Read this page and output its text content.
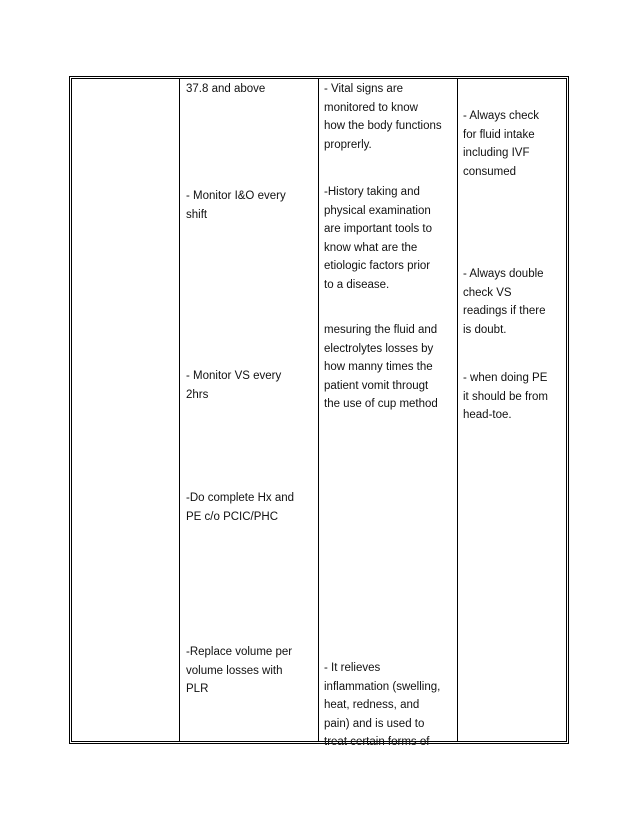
37.8 and above

- Monitor I&O every
shift

- Monitor VS every
2hrs

-Do complete Hx and
PE c/o PCIC/PHC

-Replace volume per
volume losses with
PLR

- Vital signs are
monitored to know
how the body functions
proprerly.

-History taking and
physical examination
are important tools to
know what are the
etiologic factors prior
to a disease.

mesuring the fluid and
electrolytes losses by
how manny times the
patient vomit througt
the use of cup method

- It relieves
inflammation (swelling,
heat, redness, and
pain) and is used to
treat certain forms of

- Always check
for fluid intake
including IVF
consumed

- Always double
check VS
readings if there
is doubt.

- when doing PE
it should be from
head-toe.
